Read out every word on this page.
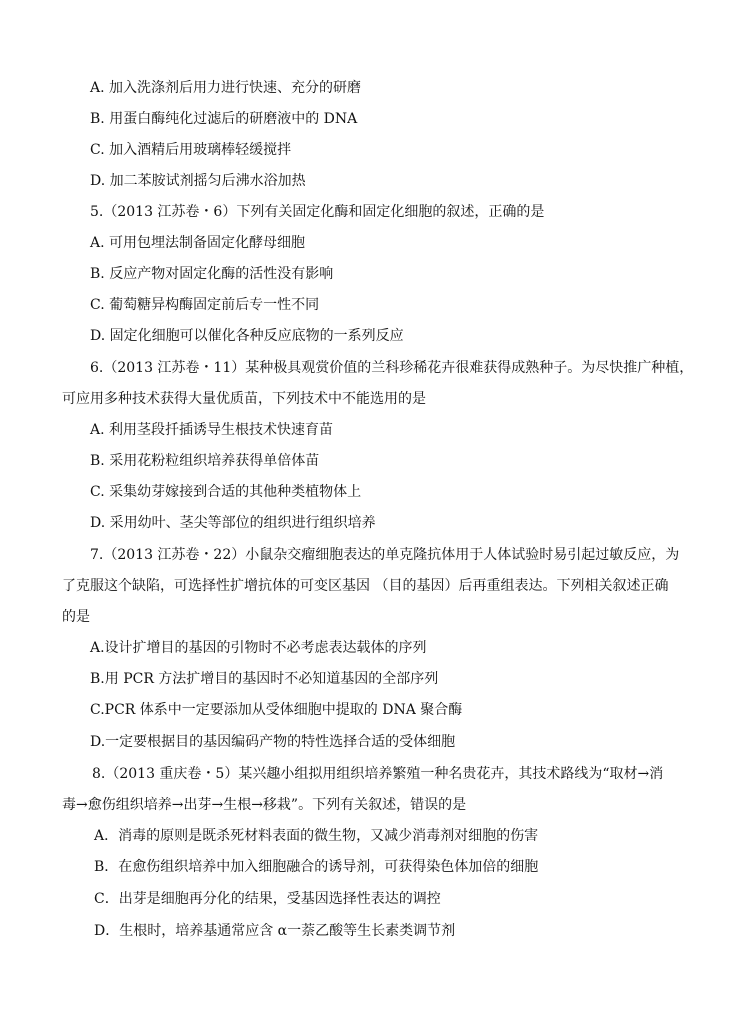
A. 加入洗涤剂后用力进行快速、充分的研磨
B. 用蛋白酶纯化过滤后的研磨液中的 DNA
C. 加入酒精后用玻璃棒轻缓搅拌
D. 加二苯胺试剂摇匀后沸水浴加热
5.（2013 江苏卷・6）下列有关固定化酶和固定化细胞的叙述，正确的是
A. 可用包埋法制备固定化酵母细胞
B. 反应产物对固定化酶的活性没有影响
C. 葡萄糖异构酶固定前后专一性不同
D. 固定化细胞可以催化各种反应底物的一系列反应
6.（2013 江苏卷・11）某种极具观赏价值的兰科珍稀花卉很难获得成熟种子。为尽快推广种植，
可应用多种技术获得大量优质苗，下列技术中不能选用的是
A. 利用茎段扦插诱导生根技术快速育苗
B. 采用花粉粒组织培养获得单倍体苗
C. 采集幼芽嫁接到合适的其他种类植物体上
D. 采用幼叶、茎尖等部位的组织进行组织培养
7.（2013 江苏卷・22）小鼠杂交瘤细胞表达的单克隆抗体用于人体试验时易引起过敏反应，为
了克服这个缺陷，可选择性扩增抗体的可变区基因 （目的基因）后再重组表达。下列相关叙述正确
的是
A.设计扩增目的基因的引物时不必考虑表达载体的序列
B.用 PCR 方法扩增目的基因时不必知道基因的全部序列
C.PCR 体系中一定要添加从受体细胞中提取的 DNA 聚合酶
D.一定要根据目的基因编码产物的特性选择合适的受体细胞
8.（2013 重庆卷・5）某兴趣小组拟用组织培养繁殖一种名贵花卉，其技术路线为“取材→消
毒→愈伤组织培养→出芽→生根→移栽”。下列有关叙述，错误的是
A．消毒的原则是既杀死材料表面的微生物，又减少消毒剂对细胞的伤害
B．在愈伤组织培养中加入细胞融合的诱导剂，可获得染色体加倍的细胞
C．出芽是细胞再分化的结果，受基因选择性表达的调控
D．生根时，培养基通常应含 α一萘乙酸等生长素类调节剂
